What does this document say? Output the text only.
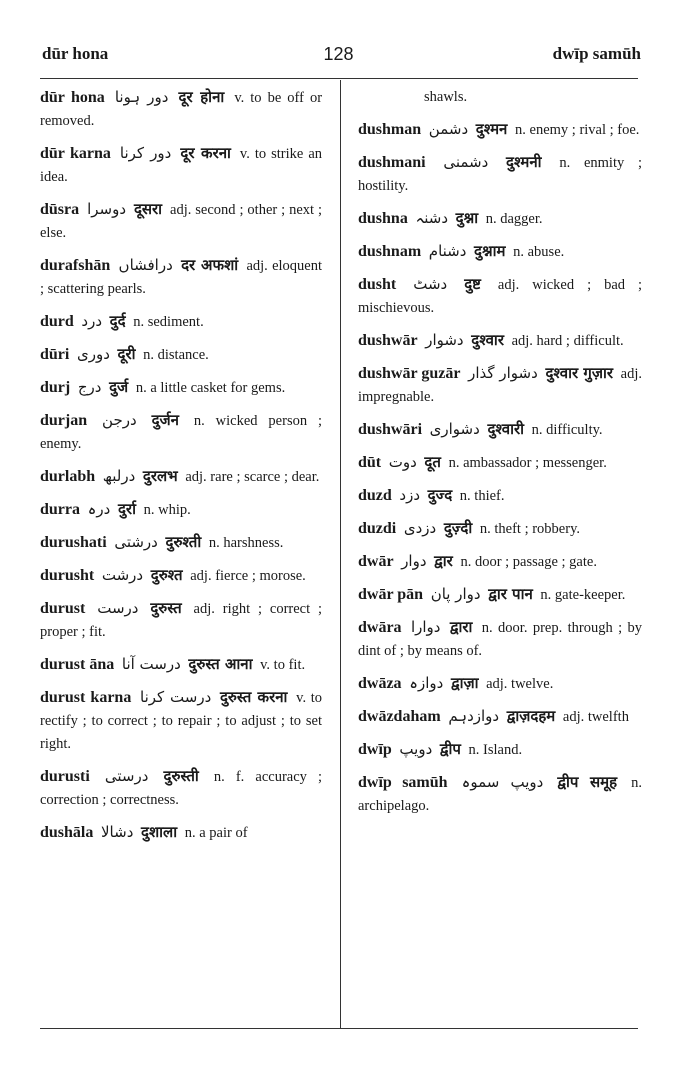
dūr hona	128	dwīp samūh
dūr hona دور ہونا दूर होना v. to be off or removed.
dūr karna دور کرنا दूर करना v. to strike an idea.
dūsra دوسرا दूसरा adj. second ; other ; next ; else.
durafshān درافشاں दर अफशां adj. eloquent ; scattering pearls.
durd درد दुर्द n. sediment.
dūri دوری दूरी n. distance.
durj درج दुर्ज n. a little casket for gems.
durjan درجن दुर्जन n. wicked person ; enemy.
durlabh درلبھ दुरलभ adj. rare ; scarce ; dear.
durra درہ दुर्रा n. whip.
durushati درشتی दुरुश्ती n. harshness.
durusht درشت दुरुश्त adj. fierce ; morose.
durust درست दुरुस्त adj. right ; correct ; proper ; fit.
durust āna درست آنا दुरुस्त आना v. to fit.
durust karna درست کرنا दुरुस्त करना v. to rectify ; to correct ; to repair ; to adjust ; to set right.
durusti درستی दुरुस्ती n. f. accuracy ; correction ; correctness.
dushāla دشالا दुशाला n. a pair of
shawls.
dushman دشمن दुश्मन n. enemy ; rival ; foe.
dushmani دشمنی दुश्मनी n. enmity ; hostility.
dushna دشنہ दुश्ना n. dagger.
dushnam دشنام दुश्नाम n. abuse.
dusht دشٹ दुष्ट adj. wicked ; bad ; mischievous.
dushwār دشوار दुश्वार adj. hard ; difficult.
dushwār guzār دشوار گذار दुश्वार गुज़ार adj. impregnable.
dushwāri دشواری दुश्वारी n. difficulty.
dūt دوت दूत n. ambassador ; messenger.
duzd دزد दुज्द n. thief.
duzdi دزدی दुज़्दी n. theft ; robbery.
dwār دوار द्वार n. door ; passage ; gate.
dwār pān دوار پان द्वार पान n. gate-keeper.
dwāra دوارا द्वारा n. door. prep. through ; by dint of ; by means of.
dwāza دوازہ द्वाज़ा adj. twelve.
dwāzdaham دوازدہم द्वाज़दहम adj. twelfth
dwīp دویپ द्वीप n. Island.
dwīp samūh دویپ سموہ द्वीप समूह n. archipelago.
